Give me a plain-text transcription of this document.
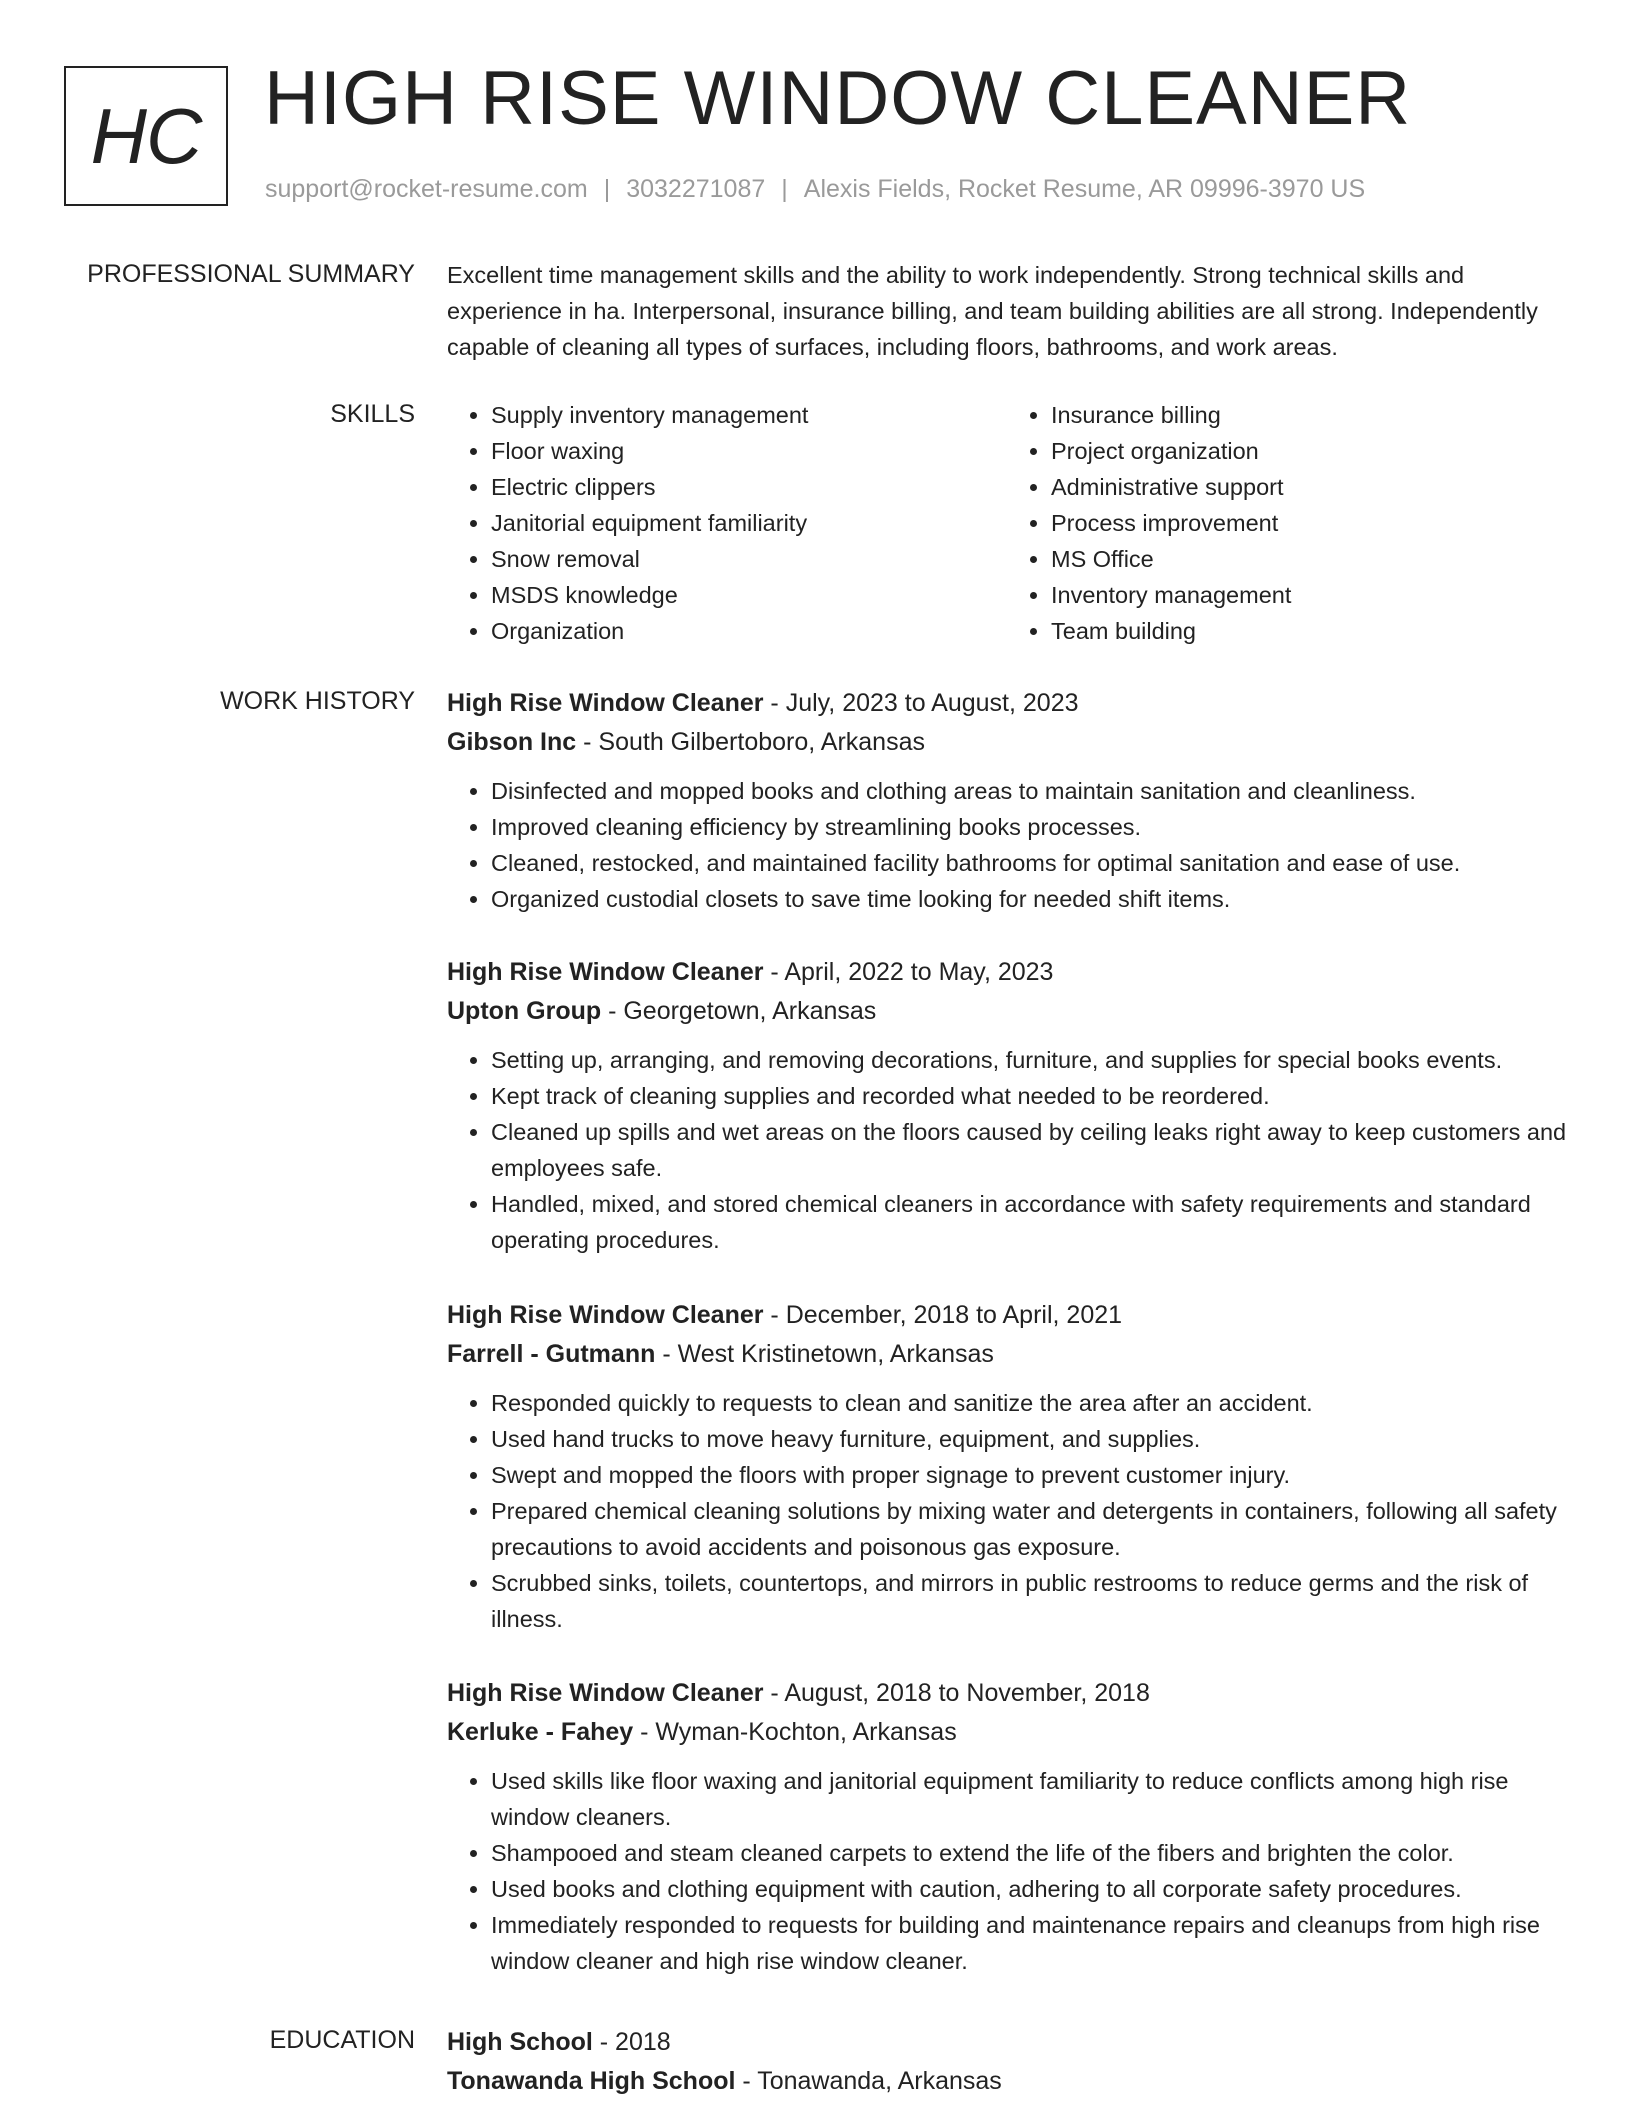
HC HIGH RISE WINDOW CLEANER
support@rocket-resume.com | 3032271087 | Alexis Fields, Rocket Resume, AR 09996-3970 US
PROFESSIONAL SUMMARY Excellent time management skills and the ability to work independently. Strong technical skills and experience in ha. Interpersonal, insurance billing, and team building abilities are all strong. Independently capable of cleaning all types of surfaces, including floors, bathrooms, and work areas.
SKILLS
•	Supply inventory management
• Floor waxing
• Electric clippers
• Janitorial equipment familiarity
• Snow removal
• MSDS knowledge
• Organization
• Insurance billing
• Project organization
• Administrative support
• Process improvement
• MS Office
• Inventory management
• Team building
WORK HISTORY High Rise Window Cleaner - July, 2023 to August, 2023
Gibson Inc - South Gilbertoboro, Arkansas
• Disinfected and mopped books and clothing areas to maintain sanitation and cleanliness.
• Improved cleaning efficiency by streamlining books processes.
• Cleaned, restocked, and maintained facility bathrooms for optimal sanitation and ease of use.
• Organized custodial closets to save time looking for needed shift items.
High Rise Window Cleaner - April, 2022 to May, 2023
Upton Group - Georgetown, Arkansas
• Setting up, arranging, and removing decorations, furniture, and supplies for special books events.
• Kept track of cleaning supplies and recorded what needed to be reordered.
• Cleaned up spills and wet areas on the floors caused by ceiling leaks right away to keep customers and employees safe.
• Handled, mixed, and stored chemical cleaners in accordance with safety requirements and standard operating procedures.
High Rise Window Cleaner - December, 2018 to April, 2021
Farrell - Gutmann - West Kristinetown, Arkansas
• Responded quickly to requests to clean and sanitize the area after an accident.
• Used hand trucks to move heavy furniture, equipment, and supplies.
• Swept and mopped the floors with proper signage to prevent customer injury.
• Prepared chemical cleaning solutions by mixing water and detergents in containers, following all safety precautions to avoid accidents and poisonous gas exposure.
• Scrubbed sinks, toilets, countertops, and mirrors in public restrooms to reduce germs and the risk of illness.
High Rise Window Cleaner - August, 2018 to November, 2018
Kerluke - Fahey - Wyman-Kochton, Arkansas
• Used skills like floor waxing and janitorial equipment familiarity to reduce conflicts among high rise window cleaners.
• Shampooed and steam cleaned carpets to extend the life of the fibers and brighten the color.
• Used books and clothing equipment with caution, adhering to all corporate safety procedures.
• Immediately responded to requests for building and maintenance repairs and cleanups from high rise window cleaner and high rise window cleaner.
EDUCATION High School - 2018
Tonawanda High School - Tonawanda, Arkansas
